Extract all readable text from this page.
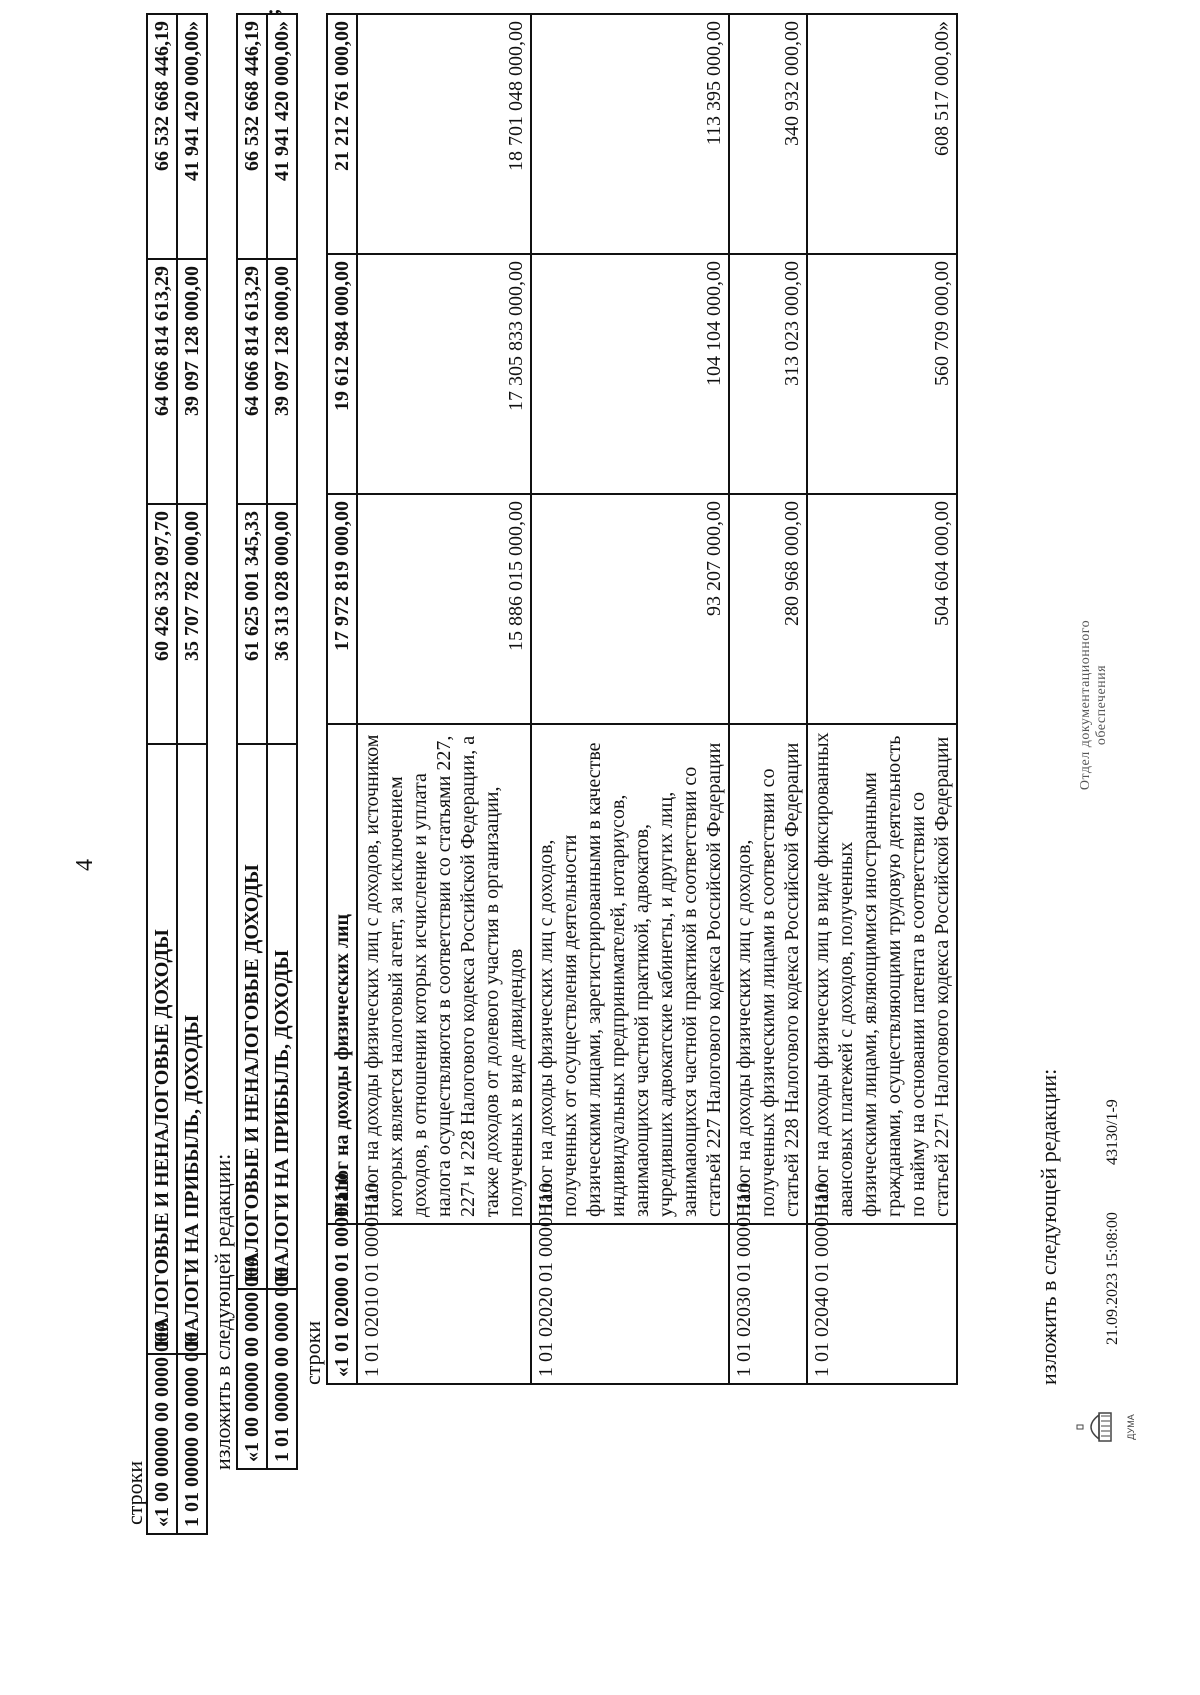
4
строки «1 00 00000 00 0000 000	НАЛОГОВЫЕ И НЕНАЛОГОВЫЕ ДОХОДЫ	60 426 332 097,70	64 066 814 613,29	66 532 668 446,19
1 01 00000 00 0000 000	НАЛОГИ НА ПРИБЫЛЬ, ДОХОДЫ	35 707 782 000,00	39 097 128 000,00	41 941 420 000,00»
изложить в следующей редакции: «1 00 00000 00 0000 000	НАЛОГОВЫЕ И НЕНАЛОГОВЫЕ ДОХОДЫ	61 625 001 345,33	64 066 814 613,29	66 532 668 446,19
1 01 00000 00 0000 000	НАЛОГИ НА ПРИБЫЛЬ, ДОХОДЫ	36 313 028 000,00	39 097 128 000,00	41 941 420 000,00»
;
строки «1 01 02000 01 0000 110	Налог на доходы физических лиц	17 972 819 000,00	19 612 984 000,00	21 212 761 000,00
1 01 02010 01 0000 110	Налог на доходы физических лиц с доходов, источником которых является налоговый агент, за исключением доходов, в отношении которых исчисление и уплата налога осуществляются в соответствии со статьями 227, 227¹ и 228 Налогового кодекса Российской Федерации, а также доходов от долевого участия в организации, полученных в виде дивидендов	15 886 015 000,00	17 305 833 000,00	18 701 048 000,00
1 01 02020 01 0000 110	Налог на доходы физических лиц с доходов, полученных от осуществления деятельности физическими лицами, зарегистрированными в качестве индивидуальных предпринимателей, нотариусов, занимающихся частной практикой, адвокатов, учредивших адвокатские кабинеты, и других лиц, занимающихся частной практикой в соответствии со статьей 227 Налогового кодекса Российской Федерации	93 207 000,00	104 104 000,00	113 395 000,00
1 01 02030 01 0000 110	Налог на доходы физических лиц с доходов, полученных физическими лицами в соответствии со статьей 228 Налогового кодекса Российской Федерации	280 968 000,00	313 023 000,00	340 932 000,00
1 01 02040 01 0000 110	Налог на доходы физических лиц в виде фиксированных авансовых платежей с доходов, полученных физическими лицами, являющимися иностранными гражданами, осуществляющими трудовую деятельность по найму на основании патента в соответствии со статьей 227¹ Налогового кодекса Российской Федерации	504 604 000,00	560 709 000,00	608 517 000,00»
изложить в следующей редакции:
ДУМА
21.09.2023 15:08:00
43130/1-9
Отдел документационного обеспечения
